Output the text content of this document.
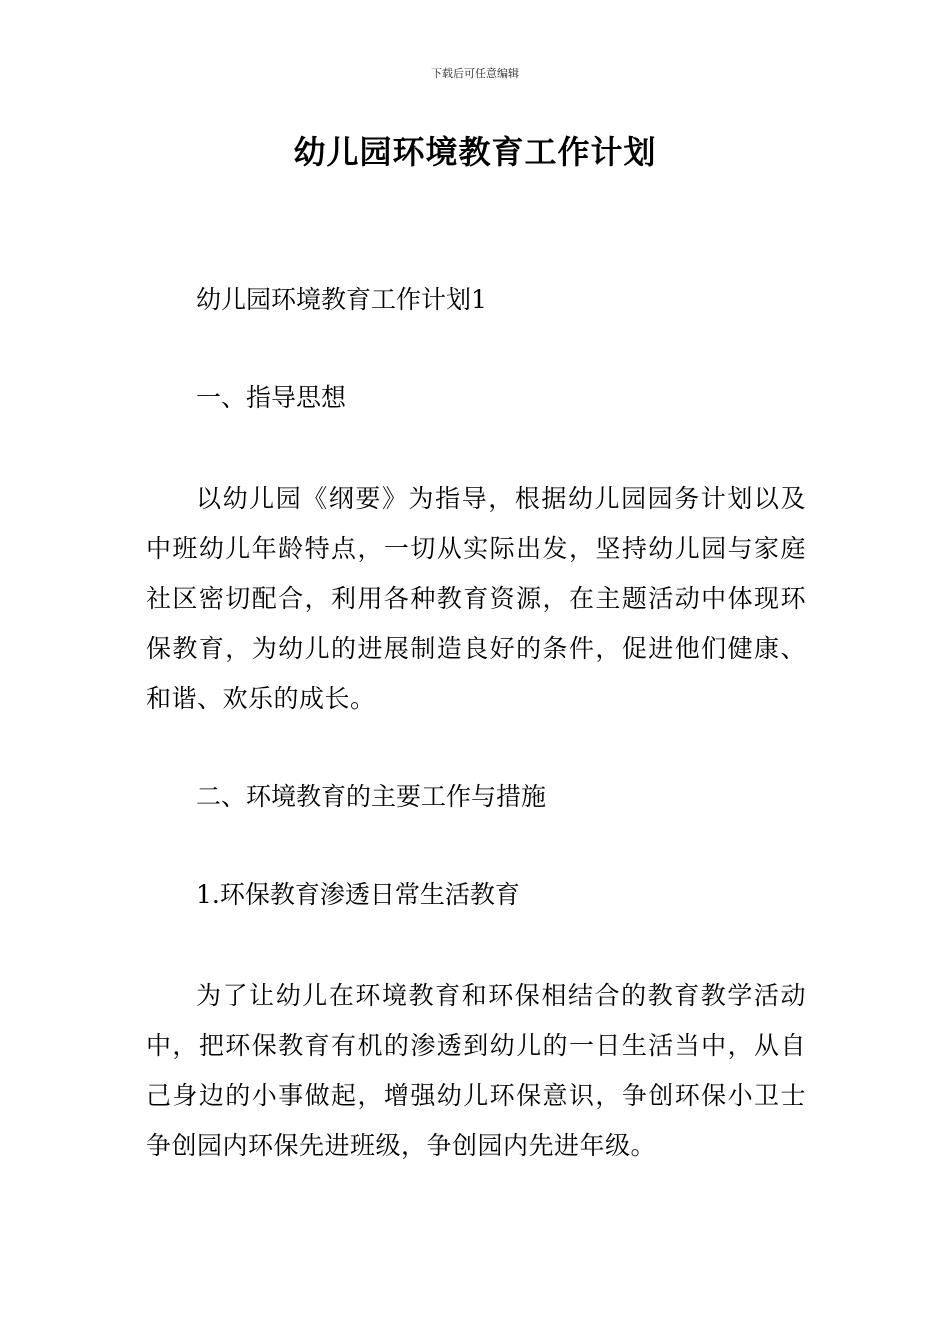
下载后可任意编辑
幼儿园环境教育工作计划
幼儿园环境教育工作计划1
一、指导思想
以幼儿园《纲要》为指导，根据幼儿园园务计划以及中班幼儿年龄特点，一切从实际出发，坚持幼儿园与家庭社区密切配合，利用各种教育资源，在主题活动中体现环保教育，为幼儿的进展制造良好的条件，促进他们健康、和谐、欢乐的成长。
二、环境教育的主要工作与措施
1.环保教育渗透日常生活教育
为了让幼儿在环境教育和环保相结合的教育教学活动中，把环保教育有机的渗透到幼儿的一日生活当中，从自己身边的小事做起，增强幼儿环保意识，争创环保小卫士争创园内环保先进班级，争创园内先进年级。
